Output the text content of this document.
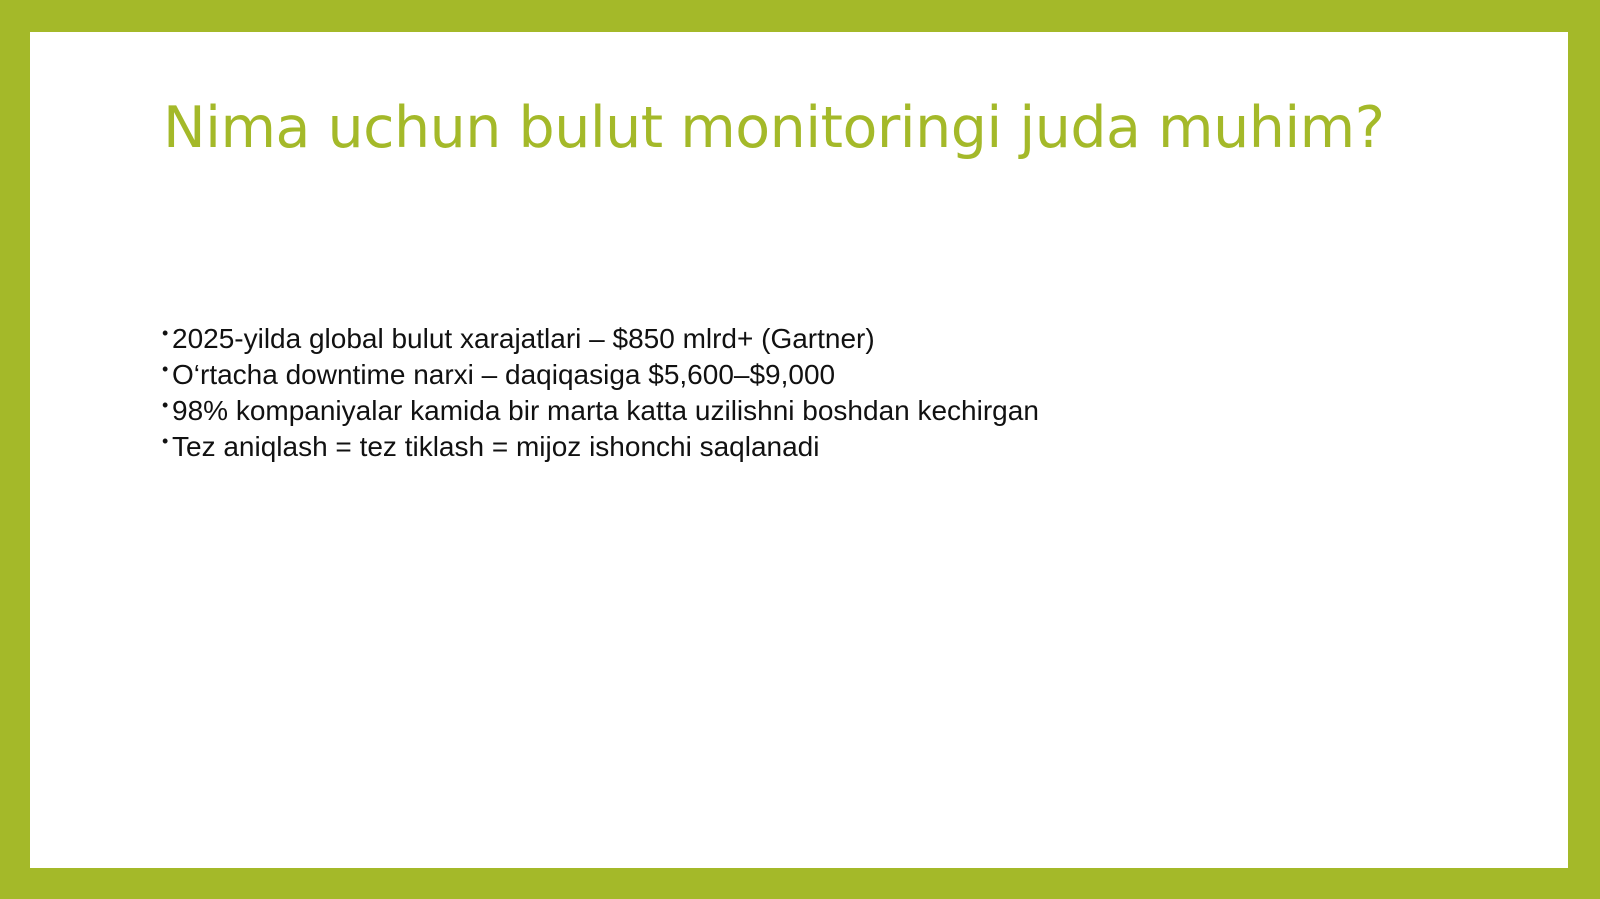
Nima uchun bulut monitoringi juda muhim?
• 2025-yilda global bulut xarajatlari – $850 mlrd+ (Gartner)
• O‘rtacha downtime narxi – daqiqasiga $5,600–$9,000
• 98% kompaniyalar kamida bir marta katta uzilishni boshdan kechirgan
• Tez aniqlash = tez tiklash = mijoz ishonchi saqlanadi
